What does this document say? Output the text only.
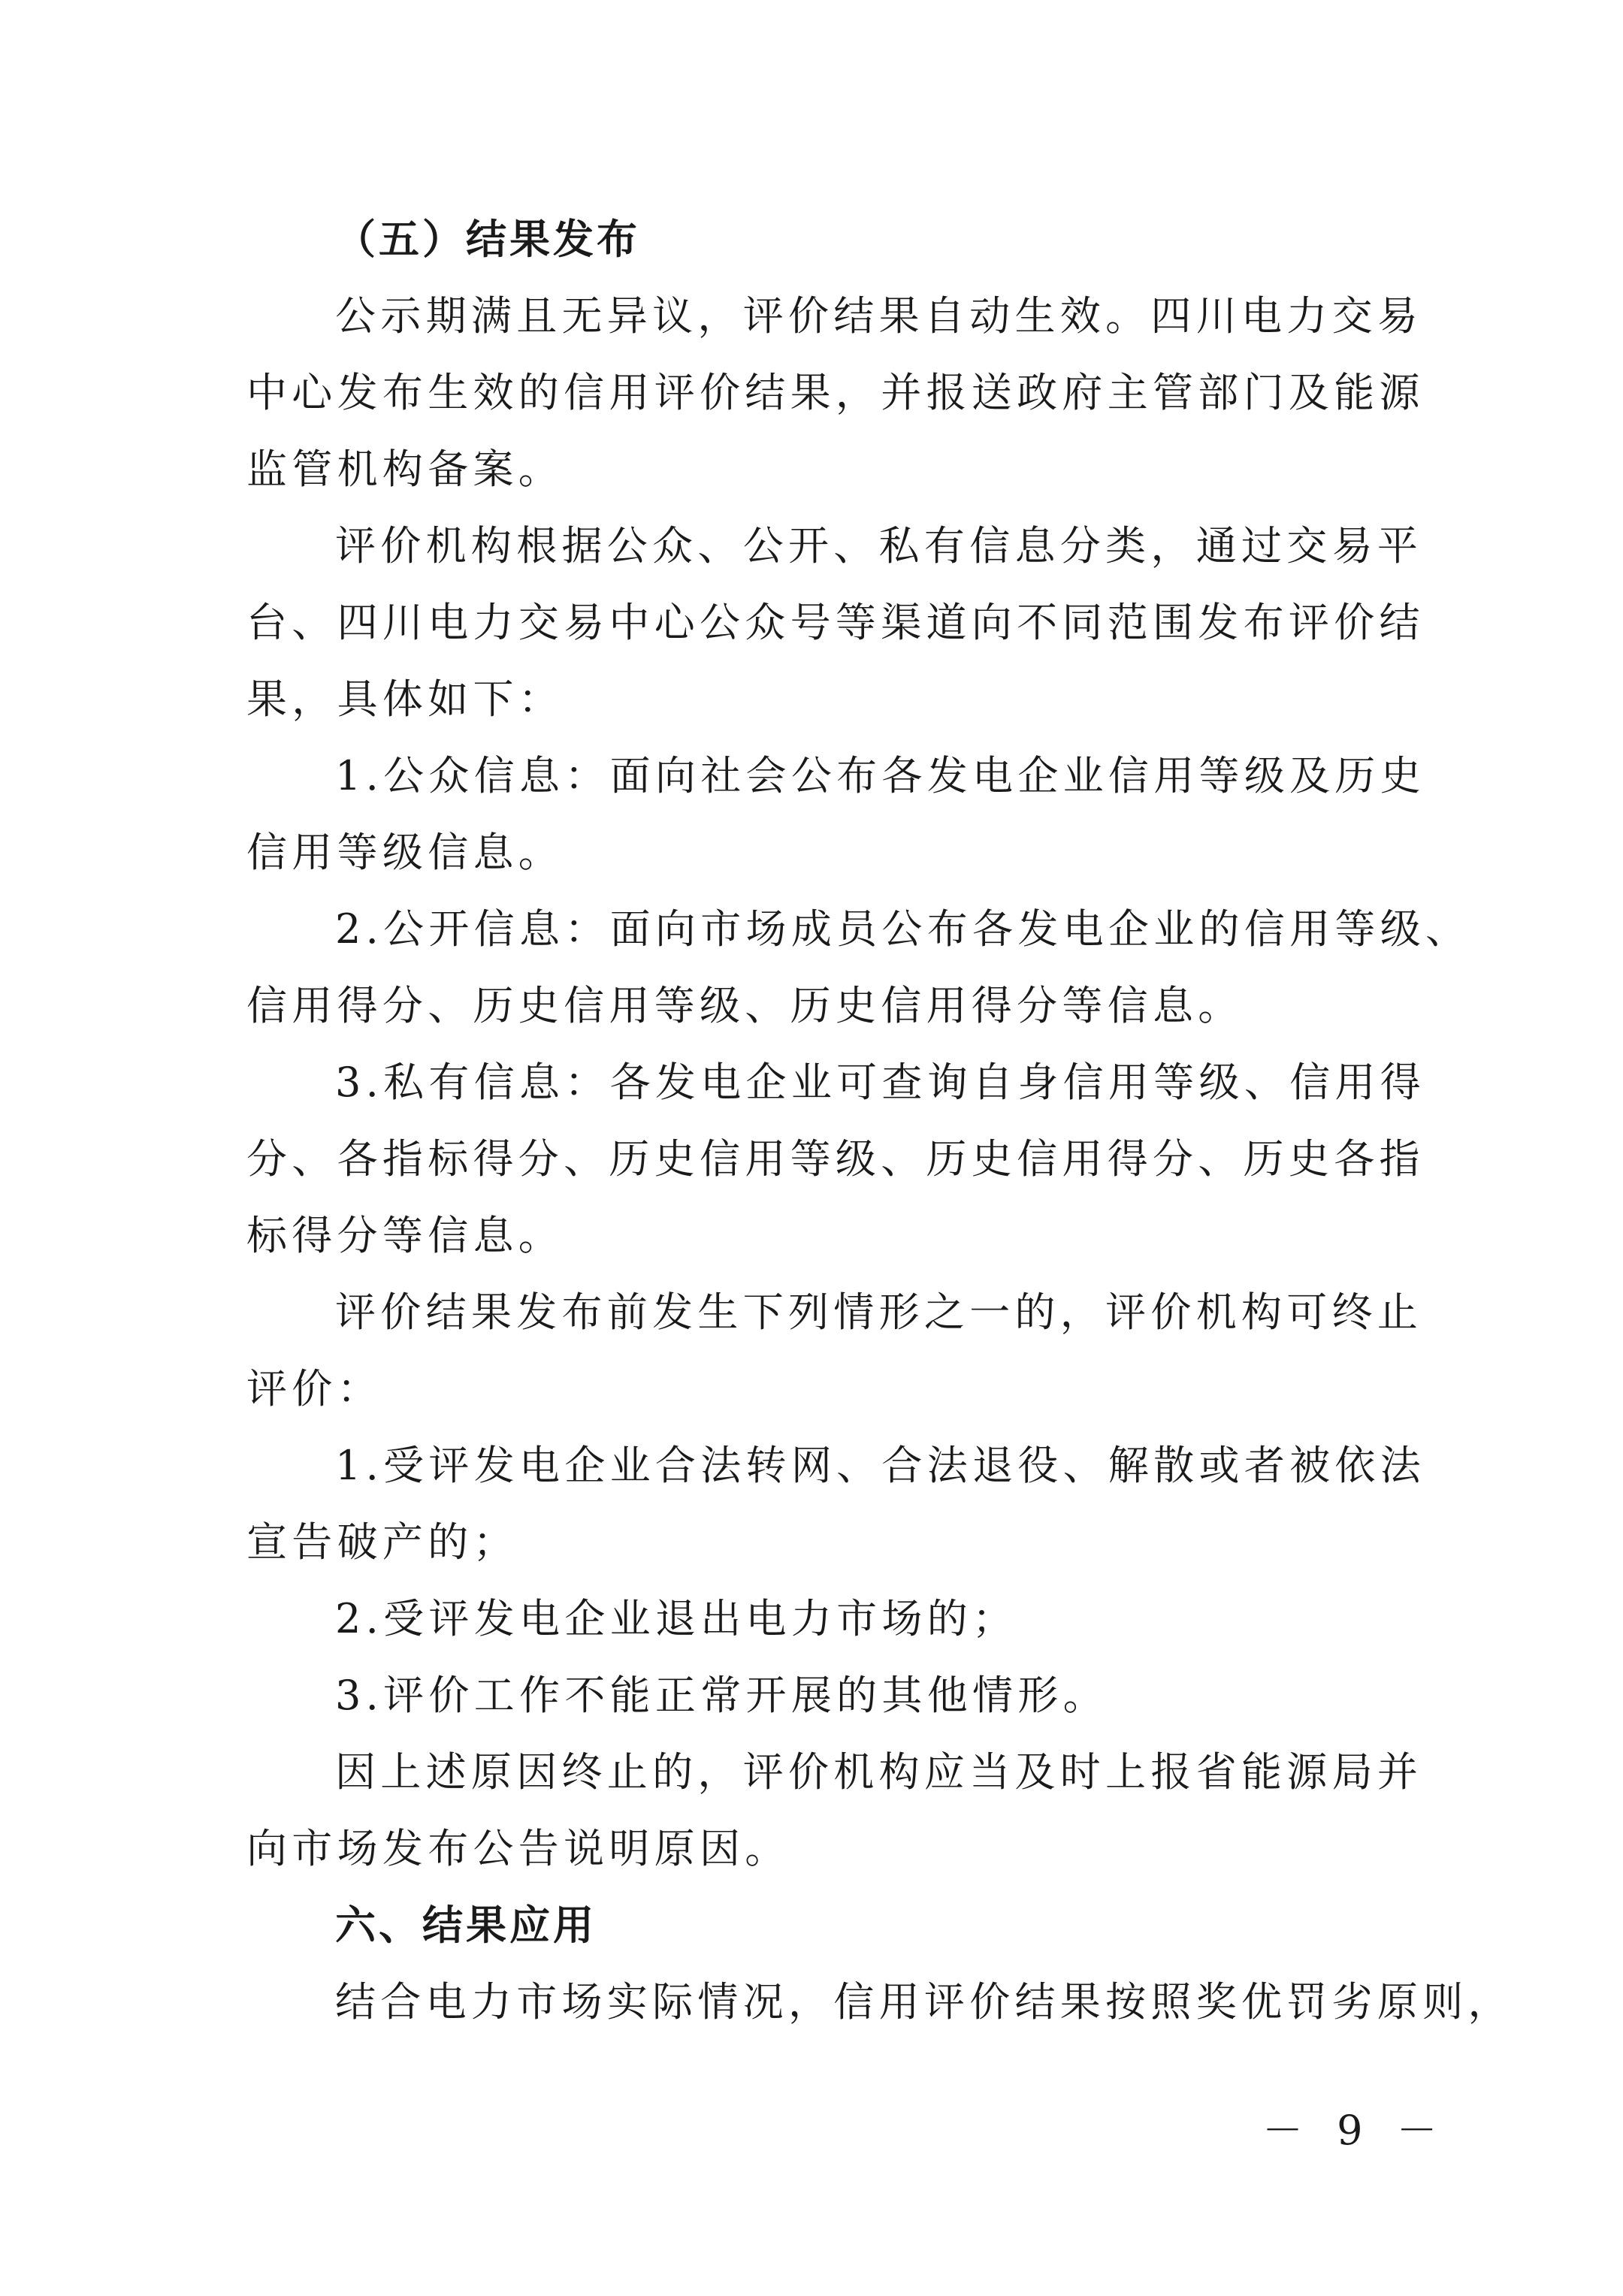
（五）结果发布
公示期满且无异议，评价结果自动生效。四川电力交易
中心发布生效的信用评价结果，并报送政府主管部门及能源
监管机构备案。
评价机构根据公众、公开、私有信息分类，通过交易平
台、四川电力交易中心公众号等渠道向不同范围发布评价结
果，具体如下：
1.公众信息：面向社会公布各发电企业信用等级及历史
信用等级信息。
2.公开信息：面向市场成员公布各发电企业的信用等级、
信用得分、历史信用等级、历史信用得分等信息。
3.私有信息：各发电企业可查询自身信用等级、信用得
分、各指标得分、历史信用等级、历史信用得分、历史各指
标得分等信息。
评价结果发布前发生下列情形之一的，评价机构可终止
评价：
1.受评发电企业合法转网、合法退役、解散或者被依法
宣告破产的；
2.受评发电企业退出电力市场的；
3.评价工作不能正常开展的其他情形。
因上述原因终止的，评价机构应当及时上报省能源局并
向市场发布公告说明原因。
六、结果应用
结合电力市场实际情况，信用评价结果按照奖优罚劣原则，
－ 9 －
